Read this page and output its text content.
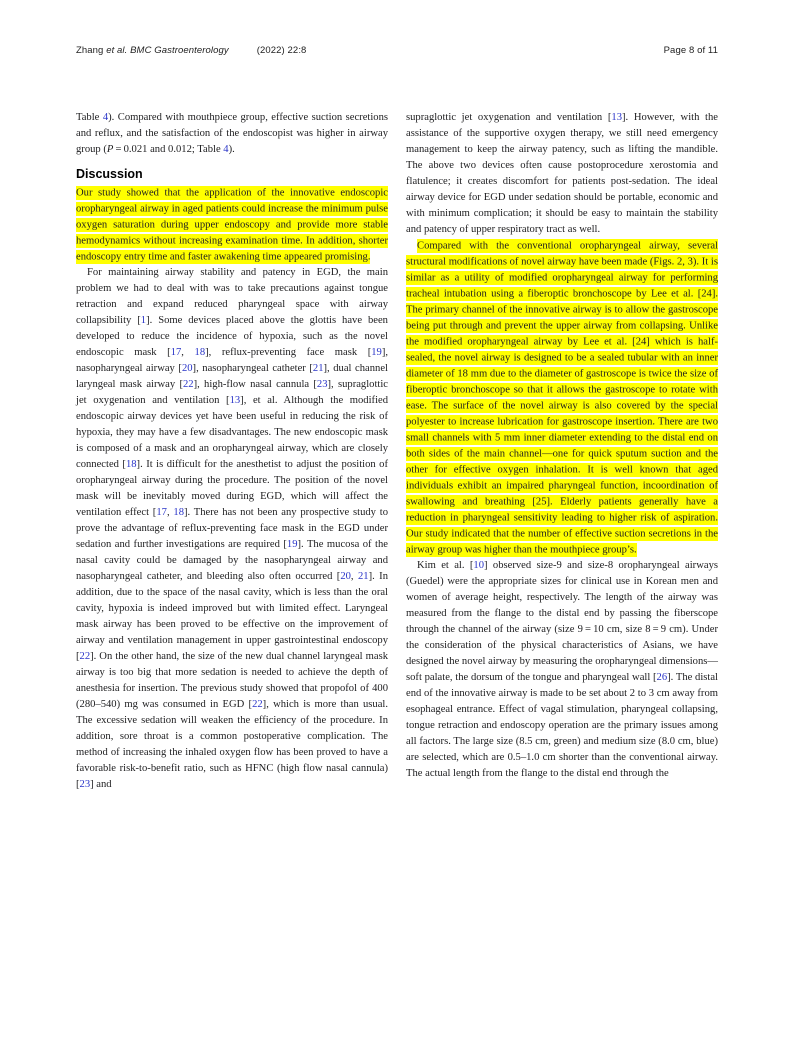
Zhang et al. BMC Gastroenterology	(2022) 22:8	Page 8 of 11

Table 4). Compared with mouthpiece group, effective suction secretions and reflux, and the satisfaction of the endoscopist was higher in airway group (P = 0.021 and 0.012; Table 4).

Discussion

Our study showed that the application of the innovative endoscopic oropharyngeal airway in aged patients could increase the minimum pulse oxygen saturation during upper endoscopy and provide more stable hemodynamics without increasing examination time. In addition, shorter endoscopy entry time and faster awakening time appeared promising.

For maintaining airway stability and patency in EGD, the main problem we had to deal with was to take precautions against tongue retraction and expand reduced pharyngeal space with airway collapsibility [1]. Some devices placed above the glottis have been developed to reduce the incidence of hypoxia, such as the novel endoscopic mask [17, 18], reflux-preventing face mask [19], nasopharyngeal airway [20], nasopharyngeal catheter [21], dual channel laryngeal mask airway [22], high-flow nasal cannula [23], supraglottic jet oxygenation and ventilation [13], et al. Although the modified endoscopic airway devices yet have been useful in reducing the risk of hypoxia, they may have a few disadvantages. The new endoscopic mask is composed of a mask and an oropharyngeal airway, which are closely connected [18]. It is difficult for the anesthetist to adjust the position of oropharyngeal airway during the procedure. The position of the novel mask will be inevitably moved during EGD, which will affect the ventilation effect [17, 18]. There has not been any prospective study to prove the advantage of reflux-preventing face mask in the EGD under sedation and further investigations are required [19]. The mucosa of the nasal cavity could be damaged by the nasopharyngeal airway and nasopharyngeal catheter, and bleeding also often occurred [20, 21]. In addition, due to the space of the nasal cavity, which is less than the oral cavity, hypoxia is indeed improved but with limited effect. Laryngeal mask airway has been proved to be effective on the improvement of airway and ventilation management in upper gastrointestinal endoscopy [22]. On the other hand, the size of the new dual channel laryngeal mask airway is too big that more sedation is needed to achieve the depth of anesthesia for insertion. The previous study showed that propofol of 400 (280–540) mg was consumed in EGD [22], which is more than usual. The excessive sedation will weaken the efficiency of the procedure. In addition, sore throat is a common postoperative complication. The method of increasing the inhaled oxygen flow has been proved to have a favorable risk-to-benefit ratio, such as HFNC (high flow nasal cannula) [23] and

supraglottic jet oxygenation and ventilation [13]. However, with the assistance of the supportive oxygen therapy, we still need emergency management to keep the airway patency, such as lifting the mandible. The above two devices often cause postoprocedure xerostomia and flatulence; it creates discomfort for patients post-sedation. The ideal airway device for EGD under sedation should be portable, economic and with minimum complication; it should be easy to maintain the stability and patency of upper respiratory tract as well.

Compared with the conventional oropharyngeal airway, several structural modifications of novel airway have been made (Figs. 2, 3). It is similar as a utility of modified oropharyngeal airway for performing tracheal intubation using a fiberoptic bronchoscope by Lee et al. [24]. The primary channel of the innovative airway is to allow the gastroscope being put through and prevent the upper airway from collapsing. Unlike the modified oropharyngeal airway by Lee et al. [24] which is half-sealed, the novel airway is designed to be a sealed tubular with an inner diameter of 18 mm due to the diameter of gastroscope is twice the size of fiberoptic bronchoscope so that it allows the gastroscope to rotate with ease. The surface of the novel airway is also covered by the special polyester to increase lubrication for gastroscope insertion. There are two small channels with 5 mm inner diameter extending to the distal end on both sides of the main channel—one for quick sputum suction and the other for effective oxygen inhalation. It is well known that aged individuals exhibit an impaired pharyngeal function, incoordination of swallowing and breathing [25]. Elderly patients generally have a reduction in pharyngeal sensitivity leading to higher risk of aspiration. Our study indicated that the number of effective suction secretions in the airway group was higher than the mouthpiece group’s.

Kim et al. [10] observed size-9 and size-8 oropharyngeal airways (Guedel) were the appropriate sizes for clinical use in Korean men and women of average height, respectively. The length of the airway was measured from the flange to the distal end by passing the fiberscope through the channel of the airway (size 9 = 10 cm, size 8 = 9 cm). Under the consideration of the physical characteristics of Asians, we have designed the novel airway by measuring the oropharyngeal dimensions—soft palate, the dorsum of the tongue and pharyngeal wall [26]. The distal end of the innovative airway is made to be set about 2 to 3 cm away from esophageal entrance. Effect of vagal stimulation, pharyngeal collapsing, tongue retraction and endoscopy operation are the primary issues among all factors. The large size (8.5 cm, green) and medium size (8.0 cm, blue) are selected, which are 0.5–1.0 cm shorter than the conventional airway. The actual length from the flange to the distal end through the
